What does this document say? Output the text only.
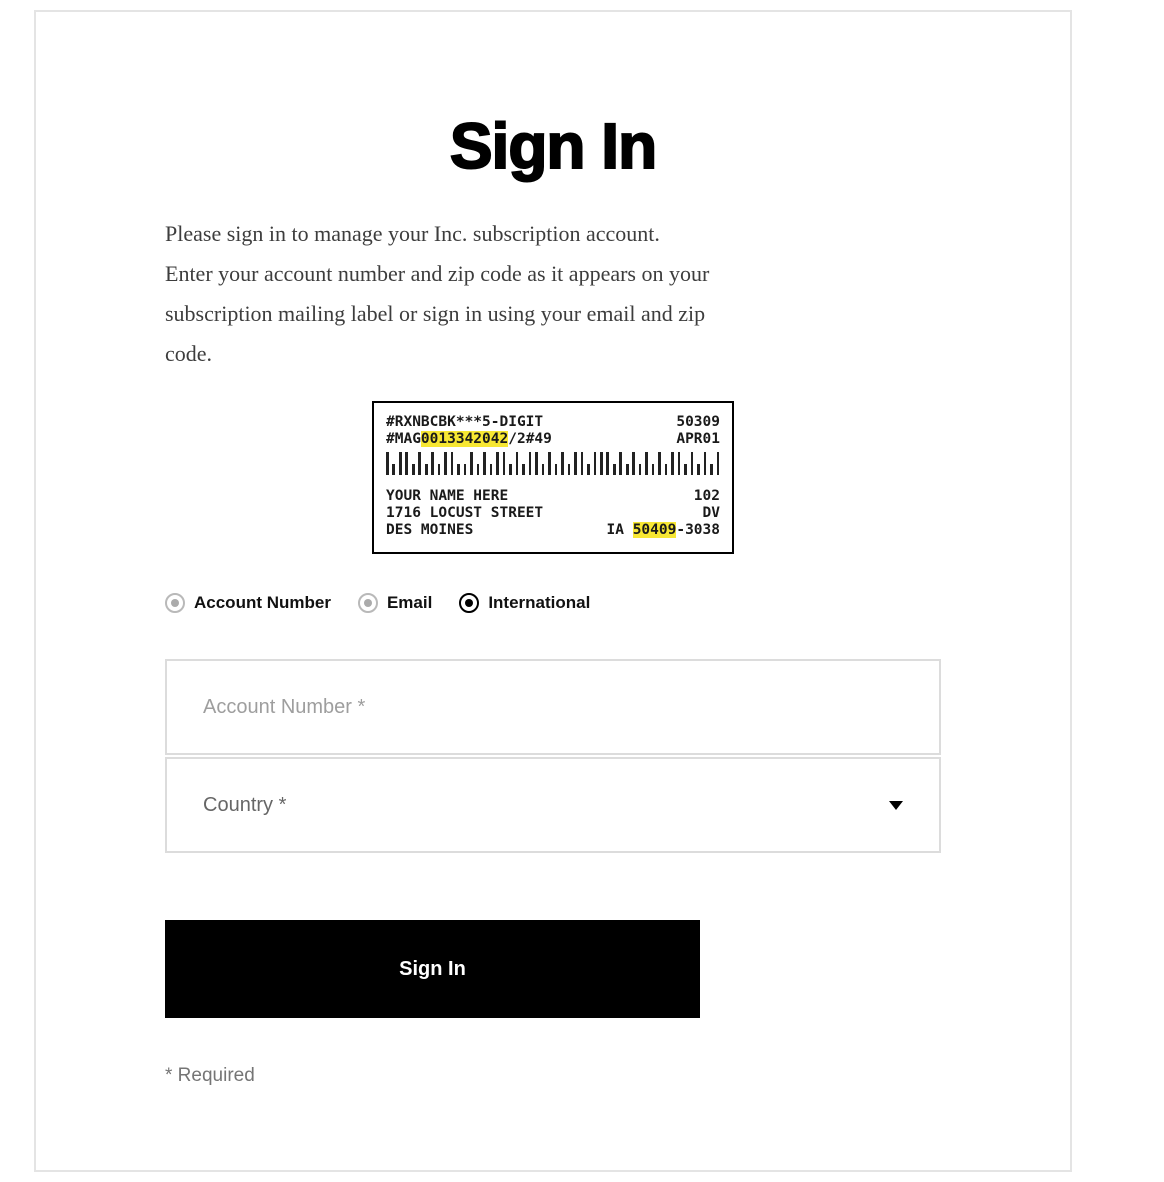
Sign In
Please sign in to manage your Inc. subscription account.
Enter your account number and zip code as it appears on your
subscription mailing label or sign in using your email and zip
code.
#RXNBCBK***5-DIGIT	50309
#MAG0013342042/2#49	APR01
YOUR NAME HERE	102
1716 LOCUST STREET	DV
DES MOINES	IA 50409-3038
Account Number	Email	International
Account Number *
Country *
Sign In
* Required
